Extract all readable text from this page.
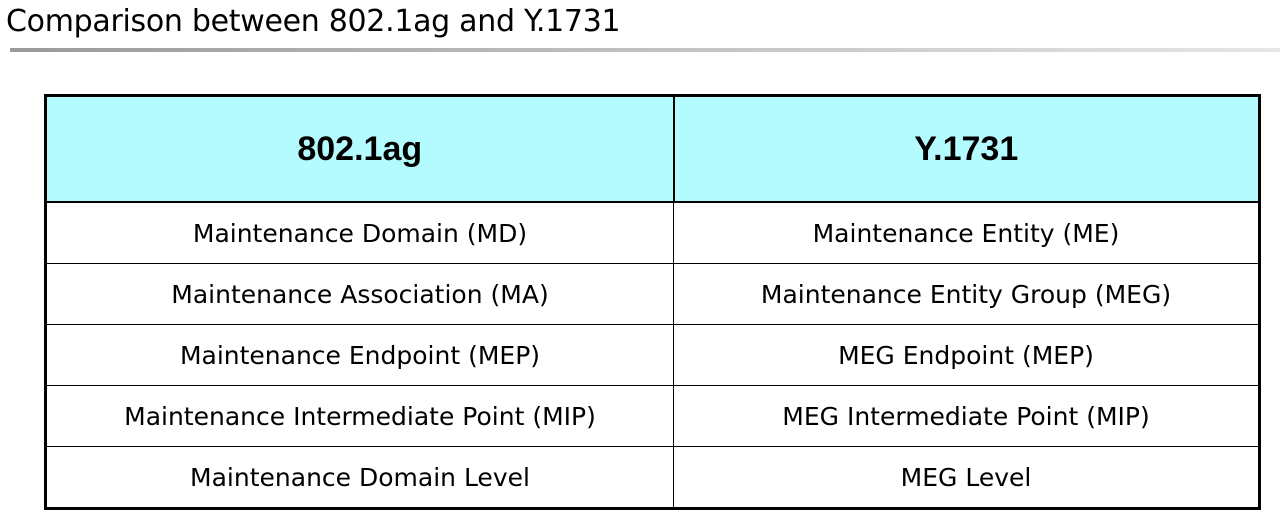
Comparison between 802.1ag and Y.1731
802.1ag	Y.1731
Maintenance Domain (MD)	Maintenance Entity (ME)
Maintenance Association (MA)	Maintenance Entity Group (MEG)
Maintenance Endpoint (MEP)	MEG Endpoint (MEP)
Maintenance Intermediate Point (MIP)	MEG Intermediate Point (MIP)
Maintenance Domain Level	MEG Level
